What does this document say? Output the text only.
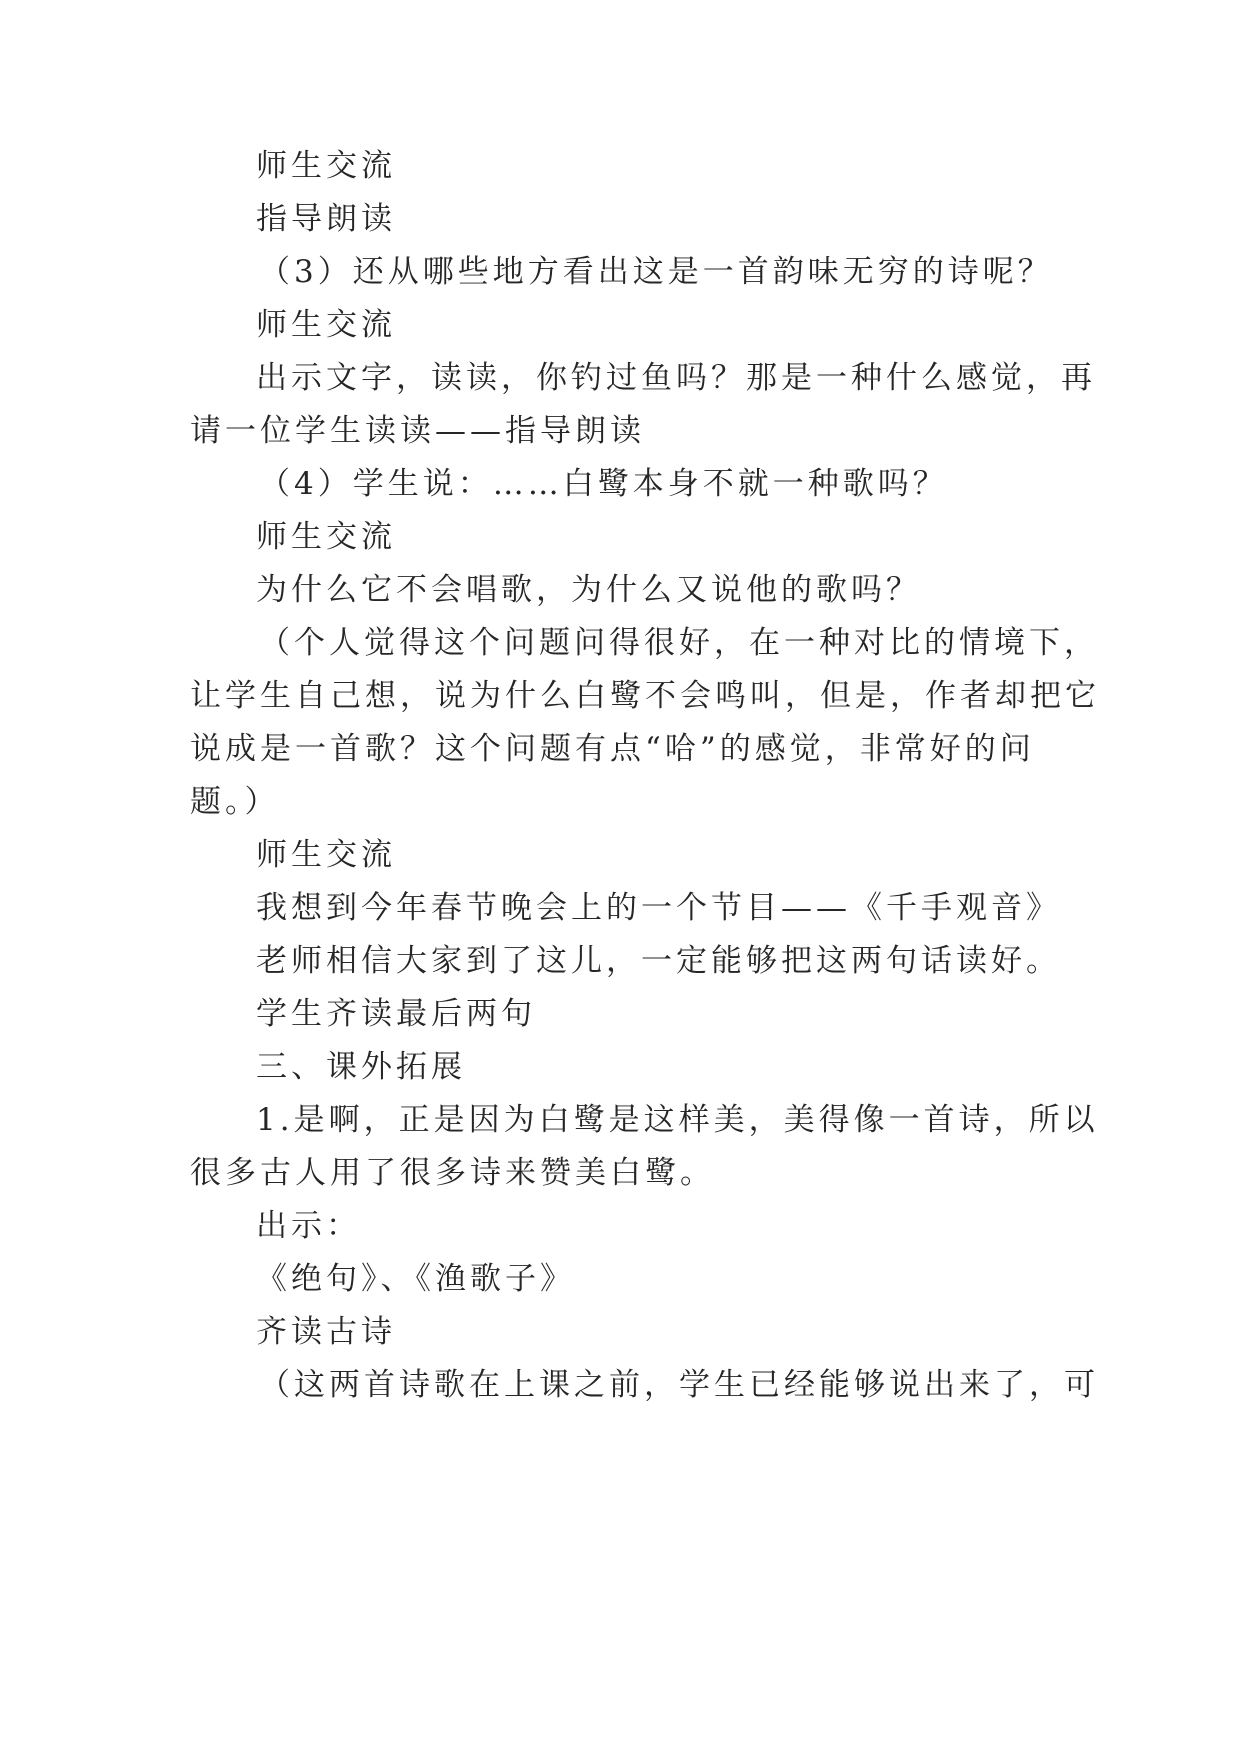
师生交流
指导朗读
（3）还从哪些地方看出这是一首韵味无穷的诗呢？
师生交流
出示文字，读读，你钓过鱼吗？那是一种什么感觉，再
请一位学生读读——指导朗读
（4）学生说：……白鹭本身不就一种歌吗？
师生交流
为什么它不会唱歌，为什么又说他的歌吗？
（个人觉得这个问题问得很好，在一种对比的情境下，
让学生自己想，说为什么白鹭不会鸣叫，但是，作者却把它
说成是一首歌？这个问题有点“哈”的感觉，非常好的问
题。）
师生交流
我想到今年春节晚会上的一个节目——《千手观音》
老师相信大家到了这儿，一定能够把这两句话读好。
学生齐读最后两句
三、课外拓展
1.是啊，正是因为白鹭是这样美，美得像一首诗，所以
很多古人用了很多诗来赞美白鹭。
出示：
《绝句》、《渔歌子》
齐读古诗
（这两首诗歌在上课之前，学生已经能够说出来了，可
